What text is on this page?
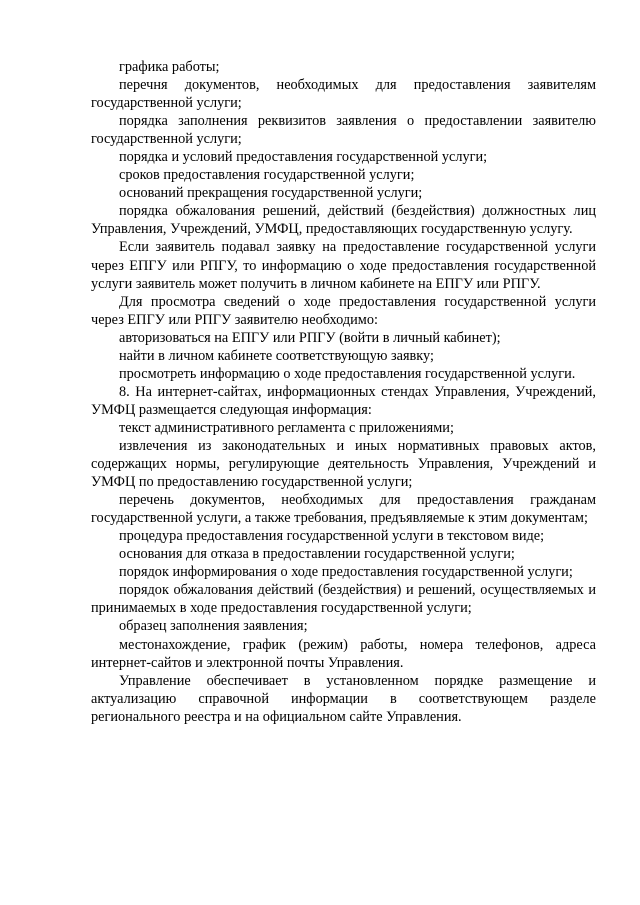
графика работы;

перечня документов, необходимых для предоставления заявителям государственной услуги;

порядка заполнения реквизитов заявления о предоставлении заявителю государственной услуги;

порядка и условий предоставления государственной услуги;

сроков предоставления государственной услуги;

оснований прекращения государственной услуги;

порядка обжалования решений, действий (бездействия) должностных лиц Управления, Учреждений, УМФЦ, предоставляющих государственную услугу.

Если заявитель подавал заявку на предоставление государственной услуги через ЕПГУ или РПГУ, то информацию о ходе предоставления государственной услуги заявитель может получить в личном кабинете на ЕПГУ или РПГУ.

Для просмотра сведений о ходе предоставления государственной услуги через ЕПГУ или РПГУ заявителю необходимо:

авторизоваться на ЕПГУ или РПГУ (войти в личный кабинет);

найти в личном кабинете соответствующую заявку;

просмотреть информацию о ходе предоставления государственной услуги.

8. На интернет-сайтах, информационных стендах Управления, Учреждений, УМФЦ размещается следующая информация:

текст административного регламента с приложениями;

извлечения из законодательных и иных нормативных правовых актов, содержащих нормы, регулирующие деятельность Управления, Учреждений и УМФЦ по предоставлению государственной услуги;

перечень документов, необходимых для предоставления гражданам государственной услуги, а также требования, предъявляемые к этим документам;

процедура предоставления государственной услуги в текстовом виде;

основания для отказа в предоставлении государственной услуги;

порядок информирования о ходе предоставления государственной услуги;

порядок обжалования действий (бездействия) и решений, осуществляемых и принимаемых в ходе предоставления государственной услуги;

образец заполнения заявления;

местонахождение, график (режим) работы, номера телефонов, адреса интернет-сайтов и электронной почты Управления.

Управление обеспечивает в установленном порядке размещение и актуализацию справочной информации в соответствующем разделе регионального реестра и на официальном сайте Управления.
